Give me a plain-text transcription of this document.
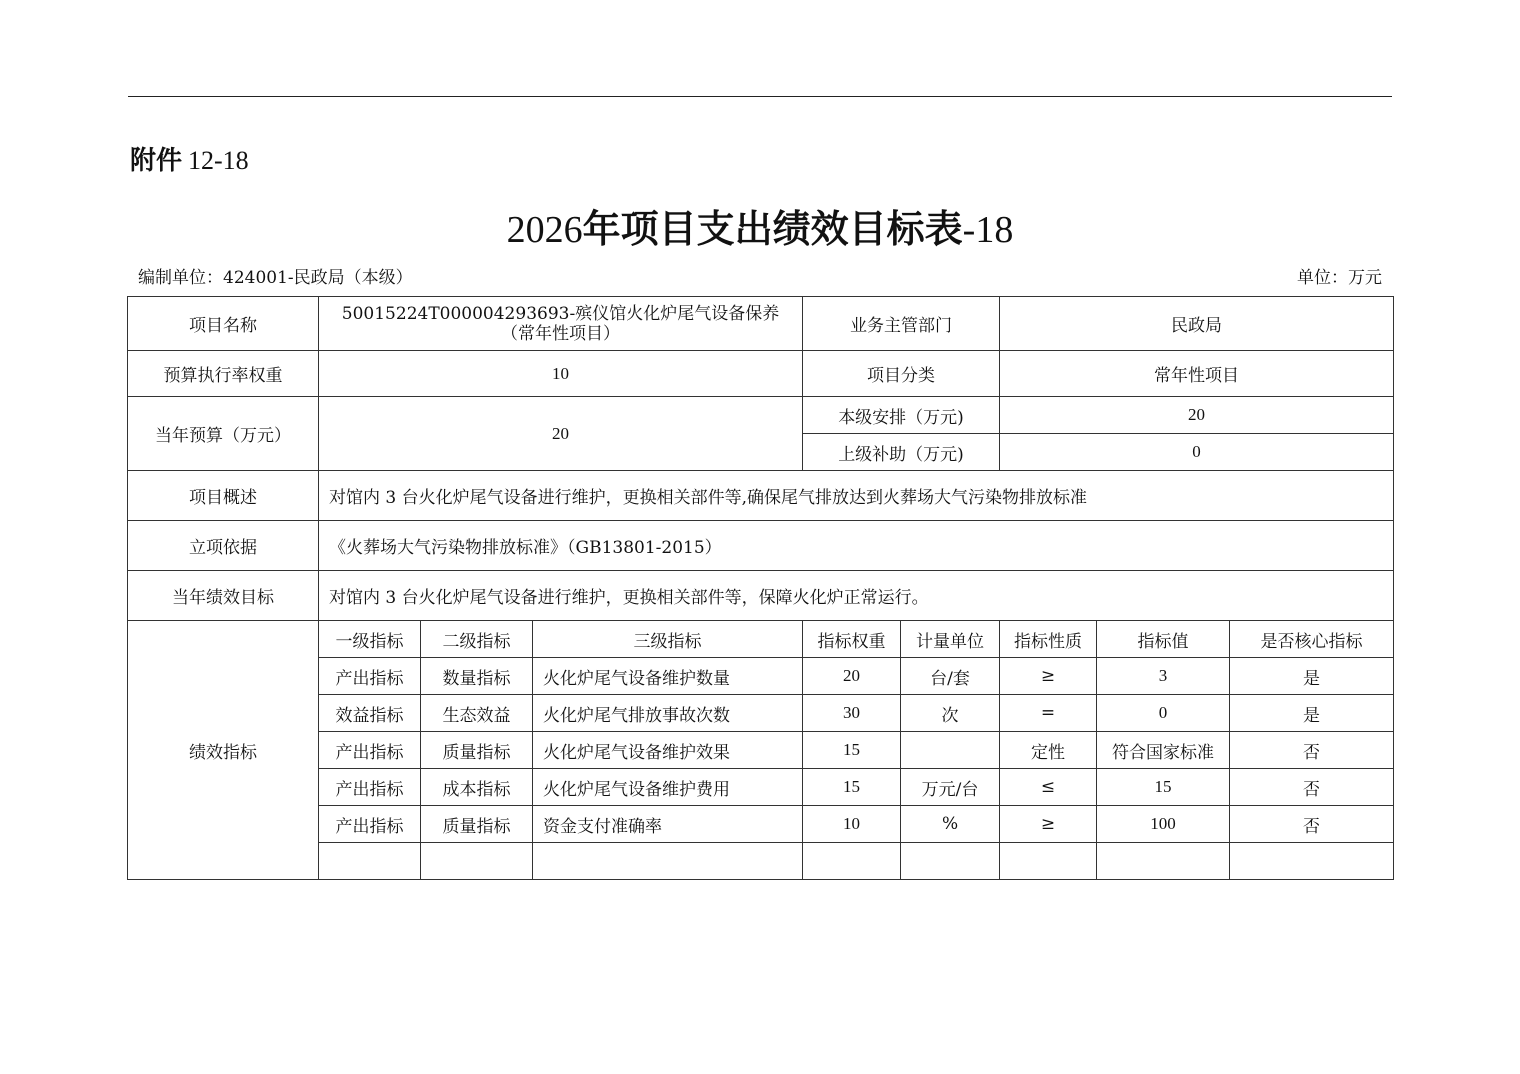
附件 12-18
2026年项目支出绩效目标表-18
编制单位：424001-民政局（本级）	单位：万元
项目名称	50015224T000004293693-殡仪馆火化炉尾气设备保养（常年性项目）			业务主管部门		民政局		
预算执行率权重	10			项目分类		常年性项目		
当年预算（万元）	20			本级安排（万元)		20		
				上级补助（万元)		0		
项目概述	对馆内 3 台火化炉尾气设备进行维护，更换相关部件等,确保尾气排放达到火葬场大气污染物排放标准							
立项依据	《火葬场大气污染物排放标准》（GB13801-2015）							
当年绩效目标	对馆内 3 台火化炉尾气设备进行维护，更换相关部件等，保障火化炉正常运行。							
绩效指标	一级指标	二级指标	三级指标	指标权重	计量单位	指标性质	指标值	是否核心指标
	产出指标	数量指标	火化炉尾气设备维护数量	20	台/套	≥	3	是
	效益指标	生态效益	火化炉尾气排放事故次数	30	次	=	0	是
	产出指标	质量指标	火化炉尾气设备维护效果	15		定性	符合国家标准	否
	产出指标	成本指标	火化炉尾气设备维护费用	15	万元/台	≤	15	否
	产出指标	质量指标	资金支付准确率	10	%	≥	100	否
